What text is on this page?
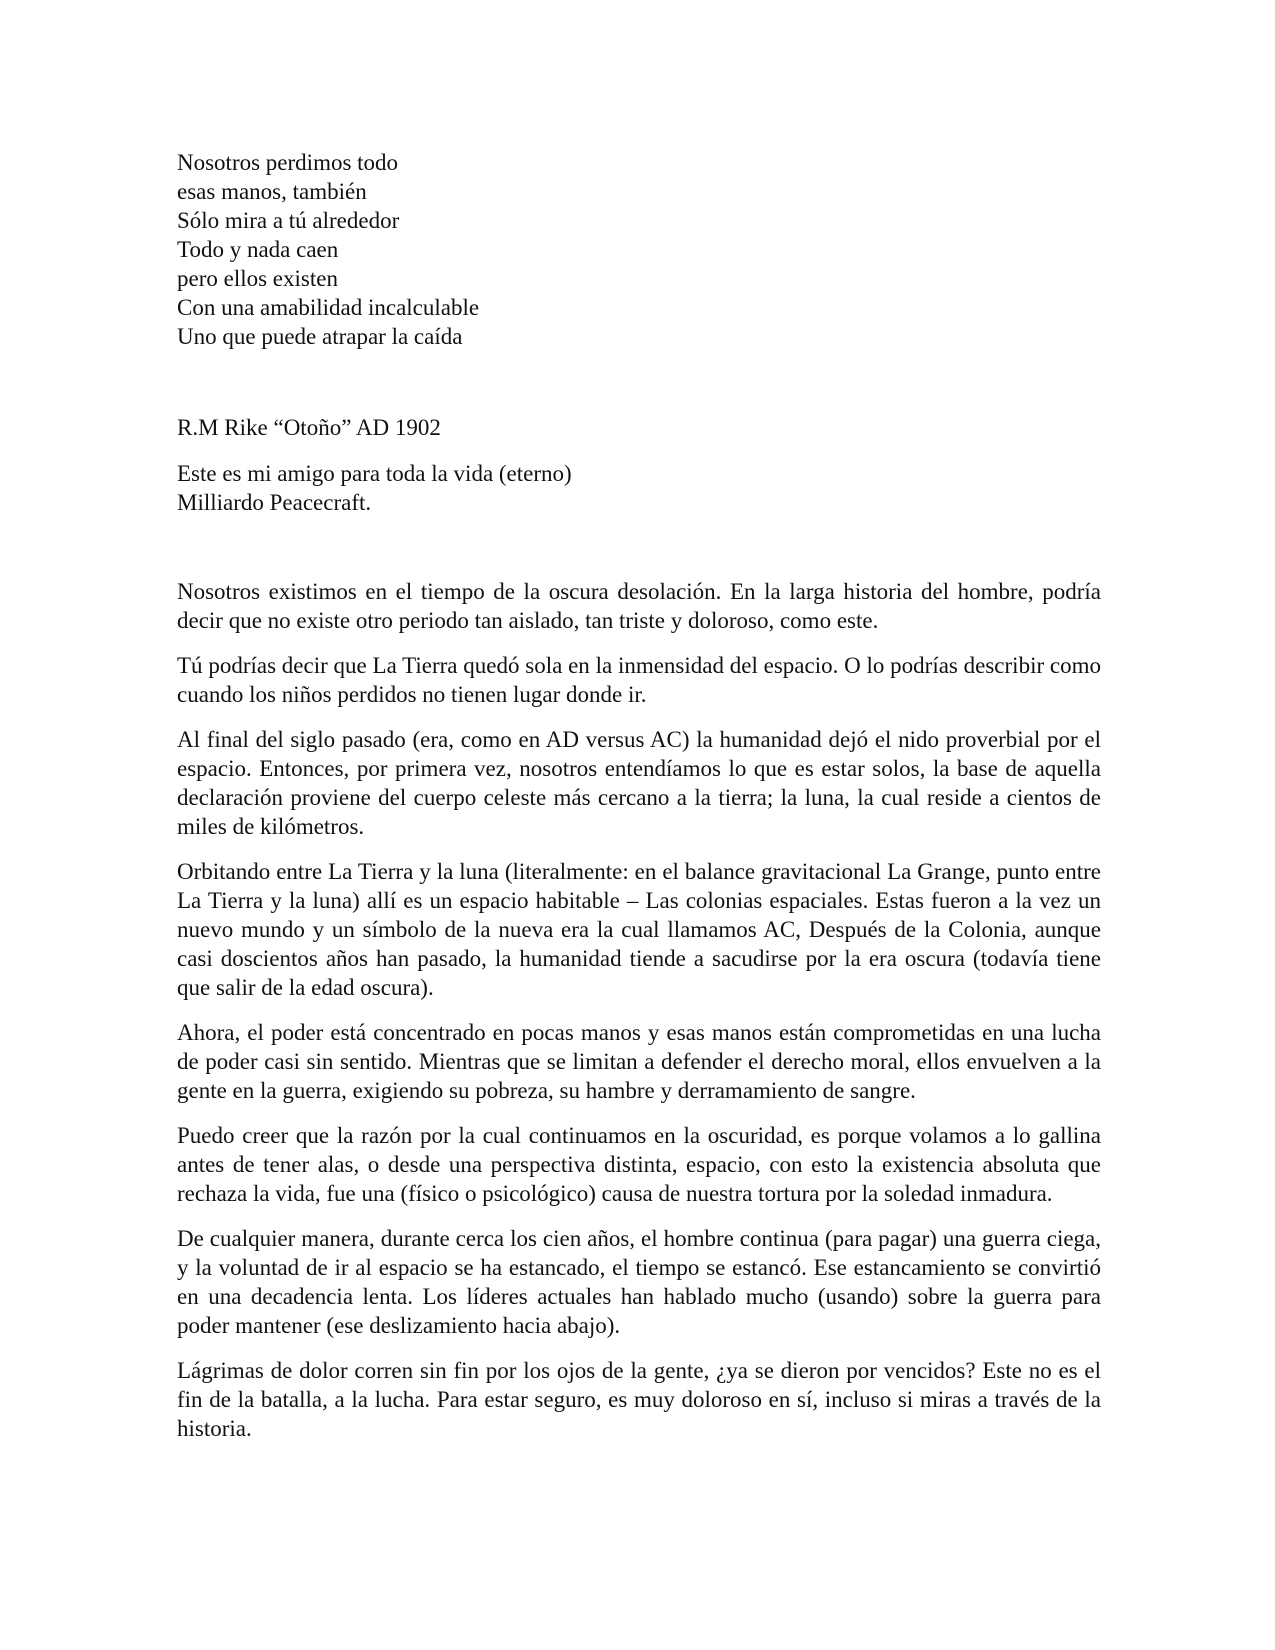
Nosotros perdimos todo
esas manos, también
Sólo mira a tú alrededor
Todo y nada caen
pero ellos existen
Con una amabilidad incalculable
Uno que puede atrapar la caída
R.M Rike “Otoño” AD 1902
Este es mi amigo para toda la vida (eterno)
Milliardo Peacecraft.

Nosotros existimos en el tiempo de la oscura desolación. En la larga historia del hombre, podría decir que no existe otro periodo tan aislado, tan triste y doloroso, como este.

Tú podrías decir que La Tierra quedó sola en la inmensidad del espacio. O lo podrías describir como cuando los niños perdidos no tienen lugar donde ir.

Al final del siglo pasado (era, como en AD versus AC) la humanidad dejó el nido proverbial por el espacio. Entonces, por primera vez, nosotros entendíamos lo que es estar solos, la base de aquella declaración proviene del cuerpo celeste más cercano a la tierra; la luna, la cual reside a cientos de miles de kilómetros.

Orbitando entre La Tierra y la luna (literalmente: en el balance gravitacional La Grange, punto entre La Tierra y la luna) allí es un espacio habitable – Las colonias espaciales. Estas fueron a la vez un nuevo mundo y un símbolo de la nueva era la cual llamamos AC, Después de la Colonia, aunque casi doscientos años han pasado, la humanidad tiende a sacudirse por la era oscura (todavía tiene que salir de la edad oscura).

Ahora, el poder está concentrado en pocas manos y esas manos están comprometidas en una lucha de poder casi sin sentido. Mientras que se limitan a defender el derecho moral, ellos envuelven a la gente en la guerra, exigiendo su pobreza, su hambre y derramamiento de sangre.

Puedo creer que la razón por la cual continuamos en la oscuridad, es porque volamos a lo gallina antes de tener alas, o desde una perspectiva distinta, espacio, con esto la existencia absoluta que rechaza la vida, fue una (físico o psicológico) causa de nuestra tortura por la soledad inmadura.

De cualquier manera, durante cerca los cien años, el hombre continua (para pagar) una guerra ciega, y la voluntad de ir al espacio se ha estancado, el tiempo se estancó. Ese estancamiento se convirtió en una decadencia lenta. Los líderes actuales han hablado mucho (usando) sobre la guerra para poder mantener (ese deslizamiento hacia abajo).

Lágrimas de dolor corren sin fin por los ojos de la gente, ¿ya se dieron por vencidos? Este no es el fin de la batalla, a la lucha. Para estar seguro, es muy doloroso en sí, incluso si miras a través de la historia.
